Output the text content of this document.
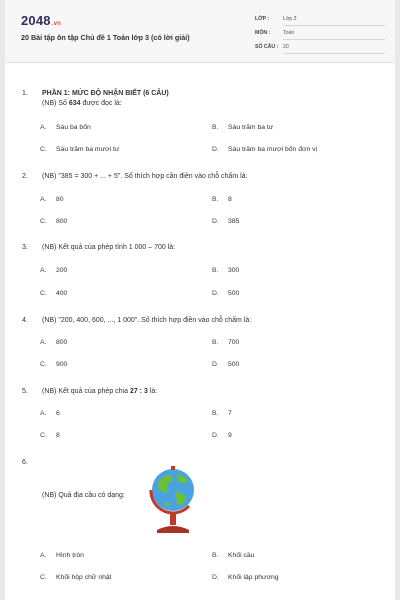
2048.vn
20 Bài tập ôn tập Chủ đề 1 Toán lớp 3 (có lời giải)
LỚP :	Lớp 3
MÔN : Toán
SỐ CÂU : 20
1. PHẦN 1: MỨC ĐỘ NHẬN BIẾT (6 CÂU)
(NB) Số 634 được đọc là:
A. Sáu ba bốn	B. Sáu trăm ba tư
C. Sáu trăm ba mươi tư	D. Sáu trăm ba mươi bốn đơn vị
2. (NB) "385 = 300 + ... + 5". Số thích hợp cần điền vào chỗ chấm là:
A. 80	B. 8
C. 800	D. 385
3. (NB) Kết quả của phép tính 1 000 – 700 là:
A. 200	B. 300
C. 400	D. 500
4. (NB) "200, 400, 600, ..., 1 000". Số thích hợp điền vào chỗ chấm là:
A. 800	B. 700
C. 900	D. 500
5. (NB) Kết quả của phép chia 27 : 3 là:
A. 6	B. 7
C. 8	D. 9
6.
(NB) Quả địa cầu có dạng:
A. Hình tròn	B. Khối cầu
C. Khối hộp chữ nhật	D. Khối lập phương
